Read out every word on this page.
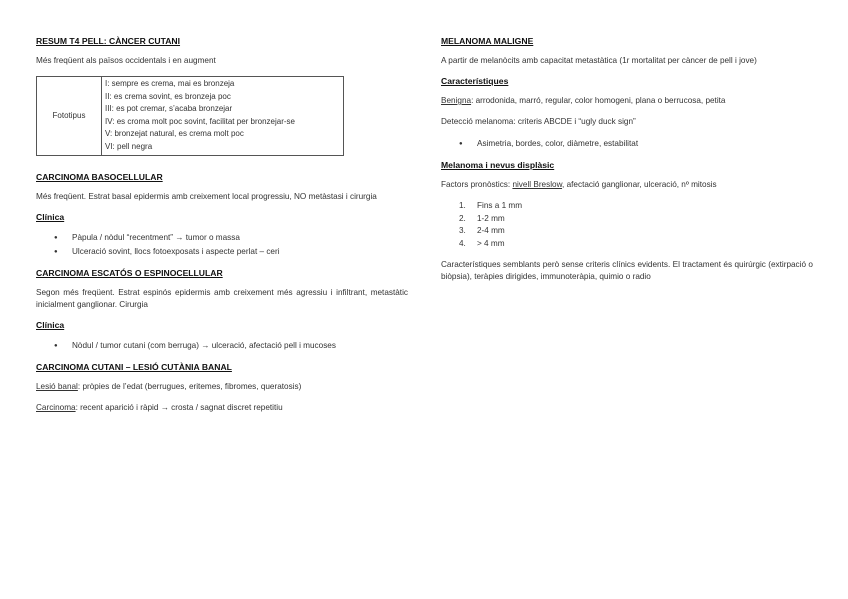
RESUM T4 PELL: CÀNCER CUTANI
Més freqüent als països occidentals i en augment
Fototipus	
I: sempre es crema, mai es bronzeja
II: es crema sovint, es bronzeja poc
III: es pot cremar, s’acaba bronzejar
IV: es croma molt poc sovint, facilitat per bronzejar-se
V: bronzejat natural, es crema molt poc
VI: pell negra
CARCINOMA BASOCELLULAR
Més freqüent. Estrat basal epidermis amb creixement local progressiu, NO metàstasi i cirurgia
Clínica
● Pàpula / nòdul “recentment” → tumor o massa
● Ulceració sovint, llocs fotoexposats i aspecte perlat – ceri
CARCINOMA ESCATÓS O ESPINOCELLULAR
Segon més freqüent. Estrat espinós epidermis amb creixement més agressiu i infiltrant, metastàtic inicialment ganglionar. Cirurgia
Clínica
● Nòdul / tumor cutani (com berruga) → ulceració, afectació pell i mucoses
CARCINOMA CUTANI – LESIÓ CUTÀNIA BANAL
Lesió banal: pròpies de l’edat (berrugues, eritemes, fibromes, queratosis)
Carcinoma: recent aparició i ràpid → crosta / sagnat discret repetitiu
MELANOMA MALIGNE
A partir de melanòcits amb capacitat metastàtica (1r mortalitat per càncer de pell i jove)
Característiques
Benigna: arrodonida, marró, regular, color homogeni, plana o berrucosa, petita
Detecció melanoma: criteris ABCDE i “ugly duck sign”
● Asimetria, bordes, color, diàmetre, estabilitat
Melanoma i nevus displàsic
Factors pronòstics: nivell Breslow, afectació ganglionar, ulceració, nº mitosis
1. Fins a 1 mm
2. 1-2 mm
3. 2-4 mm
4. > 4 mm
Característiques semblants però sense criteris clínics evidents. El tractament és quirúrgic (extirpació o biòpsia), teràpies dirigides, immunoteràpia, quimio o radio
